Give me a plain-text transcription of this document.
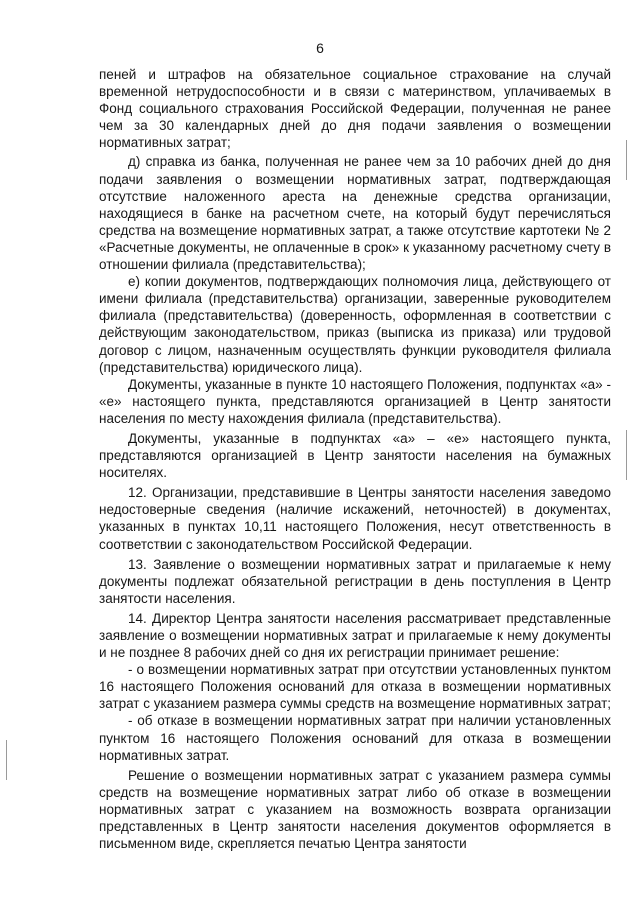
6

пеней и штрафов на обязательное социальное страхование на случай временной нетрудоспособности и в связи с материнством, уплачиваемых в Фонд социального страхования Российской Федерации, полученная не ранее чем за 30 календарных дней до дня подачи заявления о возмещении нормативных затрат;

д) справка из банка, полученная не ранее чем за 10 рабочих дней до дня подачи заявления о возмещении нормативных затрат, подтверждающая отсутствие наложенного ареста на денежные средства организации, находящиеся в банке на расчетном счете, на который будут перечисляться средства на возмещение нормативных затрат, а также отсутствие картотеки № 2 «Расчетные документы, не оплаченные в срок» к указанному расчетному счету в отношении филиала (представительства);

е) копии документов, подтверждающих полномочия лица, действующего от имени филиала (представительства) организации, заверенные руководителем филиала (представительства) (доверенность, оформленная в соответствии с действующим законодательством, приказ (выписка из приказа) или трудовой договор с лицом, назначенным осуществлять функции руководителя филиала (представительства) юридического лица).

Документы, указанные в пункте 10 настоящего Положения, подпунктах «а» - «е» настоящего пункта, представляются организацией в Центр занятости населения по месту нахождения филиала (представительства).

Документы, указанные в подпунктах «а» – «е» настоящего пункта, представляются организацией в Центр занятости населения на бумажных носителях.

12. Организации, представившие в Центры занятости населения заведомо недостоверные сведения (наличие искажений, неточностей) в документах, указанных в пунктах 10,11 настоящего Положения, несут ответственность в соответствии с законодательством Российской Федерации.

13. Заявление о возмещении нормативных затрат и прилагаемые к нему документы подлежат обязательной регистрации в день поступления в Центр занятости населения.

14. Директор Центра занятости населения рассматривает представленные заявление о возмещении нормативных затрат и прилагаемые к нему документы и не позднее 8 рабочих дней со дня их регистрации принимает решение:

- о возмещении нормативных затрат при отсутствии установленных пунктом 16 настоящего Положения оснований для отказа в возмещении нормативных затрат с указанием размера суммы средств на возмещение нормативных затрат;

- об отказе в возмещении нормативных затрат при наличии установленных пунктом 16 настоящего Положения оснований для отказа в возмещении нормативных затрат.

Решение о возмещении нормативных затрат с указанием размера суммы средств на возмещение нормативных затрат либо об отказе в возмещении нормативных затрат с указанием на возможность возврата организации представленных в Центр занятости населения документов оформляется в письменном виде, скрепляется печатью Центра занятости
